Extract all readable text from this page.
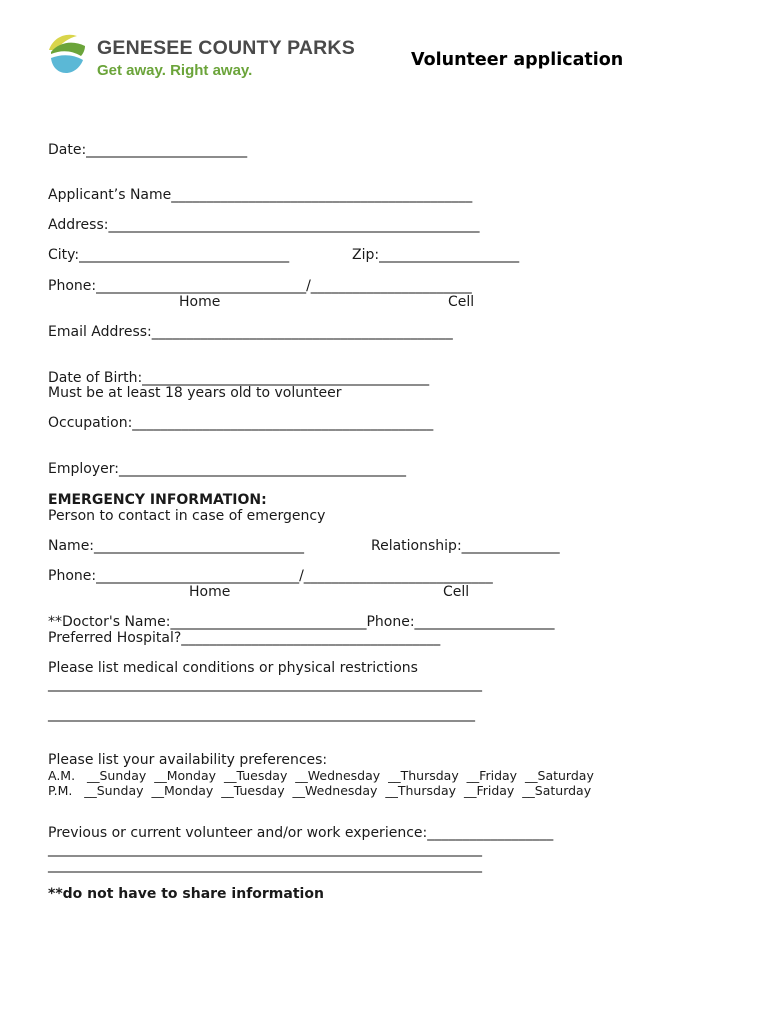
GENESEE COUNTY PARKS
Get away. Right away.
Volunteer application
Date:_______________________
Applicant’s Name___________________________________________
Address:_____________________________________________________
City:______________________________	Zip:____________________
Phone:______________________________/_______________________
Home	Cell
Email Address:___________________________________________
Date of Birth:_________________________________________
Must be at least 18 years old to volunteer
Occupation:___________________________________________
Employer:_________________________________________
EMERGENCY INFORMATION:
Person to contact in case of emergency
Name:______________________________	Relationship:______________
Phone:_____________________________/___________________________
Home	Cell
**Doctor's Name:____________________________Phone:____________________
Preferred Hospital?_____________________________________
Please list medical conditions or physical restrictions
______________________________________________________________
_____________________________________________________________
Please list your availability preferences:
A.M.   __Sunday  __Monday  __Tuesday  __Wednesday  __Thursday  __Friday  __Saturday
P.M.   __Sunday  __Monday  __Tuesday  __Wednesday  __Thursday  __Friday  __Saturday
Previous or current volunteer and/or work experience:__________________
______________________________________________________________
______________________________________________________________
**do not have to share information
